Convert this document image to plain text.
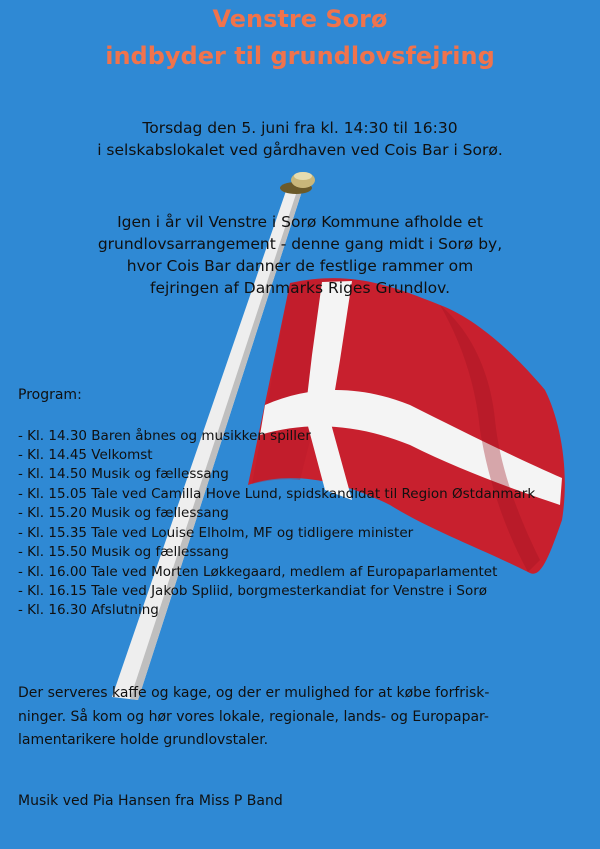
Venstre Sorø
indbyder til grundlovsfejring
Torsdag den 5. juni fra kl. 14:30 til 16:30
i selskabslokalet ved gårdhaven ved Cois Bar i Sorø.
Igen i år vil Venstre i Sorø Kommune afholde et
grundlovsarrangement - denne gang midt i Sorø by,
hvor Cois Bar danner de festlige rammer om
fejringen af Danmarks Riges Grundlov.
Program:
- Kl. 14.30 Baren åbnes og musikken spiller
- Kl. 14.45 Velkomst
- Kl. 14.50 Musik og fællessang
- Kl. 15.05 Tale ved Camilla Hove Lund, spidskandidat til Region Østdanmark
- Kl. 15.20 Musik og fællessang
- Kl. 15.35 Tale ved Louise Elholm, MF og tidligere minister
- Kl. 15.50 Musik og fællessang
- Kl. 16.00 Tale ved Morten Løkkegaard, medlem af Europaparlamentet
- Kl. 16.15 Tale ved Jakob Spliid, borgmesterkandiat for Venstre i Sorø
- Kl. 16.30 Afslutning
Der serveres kaffe og kage, og der er mulighed for at købe forfrisk-
ninger. Så kom og hør vores lokale, regionale, lands- og Europapar-
lamentarikere holde grundlovstaler.
Musik ved Pia Hansen fra Miss P Band
